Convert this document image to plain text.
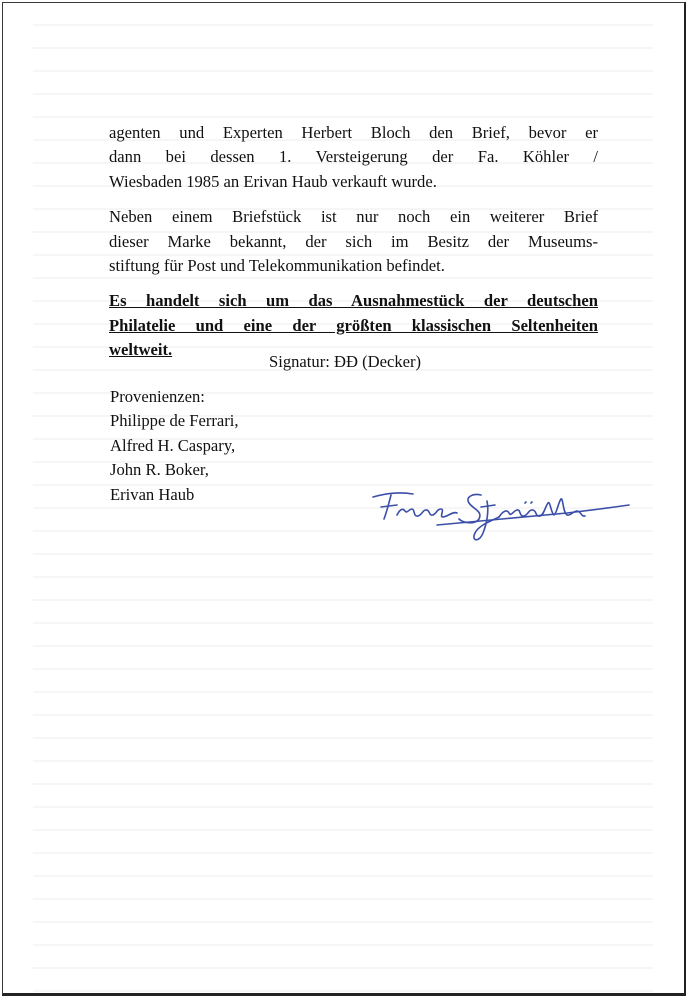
agenten und Experten Herbert Bloch den Brief, bevor er
dann bei dessen 1. Versteigerung der Fa. Köhler /
Wiesbaden 1985 an Erivan Haub verkauft wurde.

Neben einem Briefstück ist nur noch ein weiterer Brief
dieser Marke bekannt, der sich im Besitz der Museums-
stiftung für Post und Telekommunikation befindet.

Es handelt sich um das Ausnahmestück der deutschen
Philatelie und eine der größten klassischen Seltenheiten
weltweit.

Signatur: ĐĐ (Decker)
Provenienzen:
Philippe de Ferrari,
Alfred H. Caspary,
John R. Boker,
Erivan Haub
